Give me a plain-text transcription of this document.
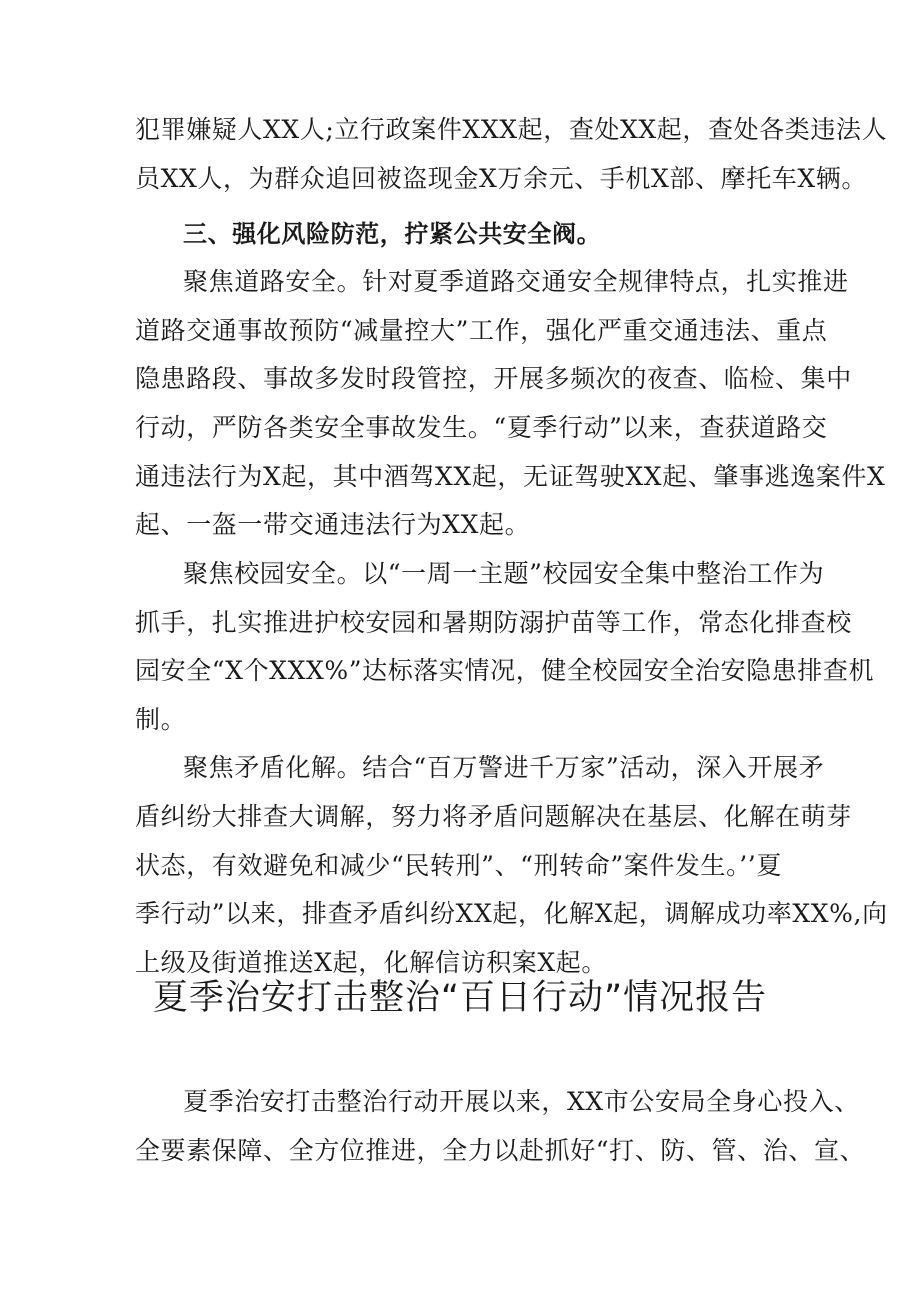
犯罪嫌疑人XX人;立行政案件XXX起，查处XX起，查处各类违法人
员XX人，为群众追回被盗现金X万余元、手机X部、摩托车X辆。
三、强化风险防范，拧紧公共安全阀。
聚焦道路安全。针对夏季道路交通安全规律特点，扎实推进
道路交通事故预防“减量控大”工作，强化严重交通违法、重点
隐患路段、事故多发时段管控，开展多频次的夜查、临检、集中
行动，严防各类安全事故发生。“夏季行动”以来，查获道路交
通违法行为X起，其中酒驾XX起，无证驾驶XX起、肇事逃逸案件X
起、一盔一带交通违法行为XX起。
聚焦校园安全。以“一周一主题”校园安全集中整治工作为
抓手，扎实推进护校安园和暑期防溺护苗等工作，常态化排查校
园安全“X个XXX%”达标落实情况，健全校园安全治安隐患排查机
制。
聚焦矛盾化解。结合“百万警进千万家”活动，深入开展矛
盾纠纷大排查大调解，努力将矛盾问题解决在基层、化解在萌芽
状态，有效避免和减少“民转刑”、“刑转命”案件发生。’’夏
季行动”以来，排查矛盾纠纷XX起，化解X起，调解成功率XX%,向
上级及街道推送X起，化解信访积案X起。
夏季治安打击整治“百日行动”情况报告
夏季治安打击整治行动开展以来，XX市公安局全身心投入、
全要素保障、全方位推进，全力以赴抓好“打、防、管、治、宣、
